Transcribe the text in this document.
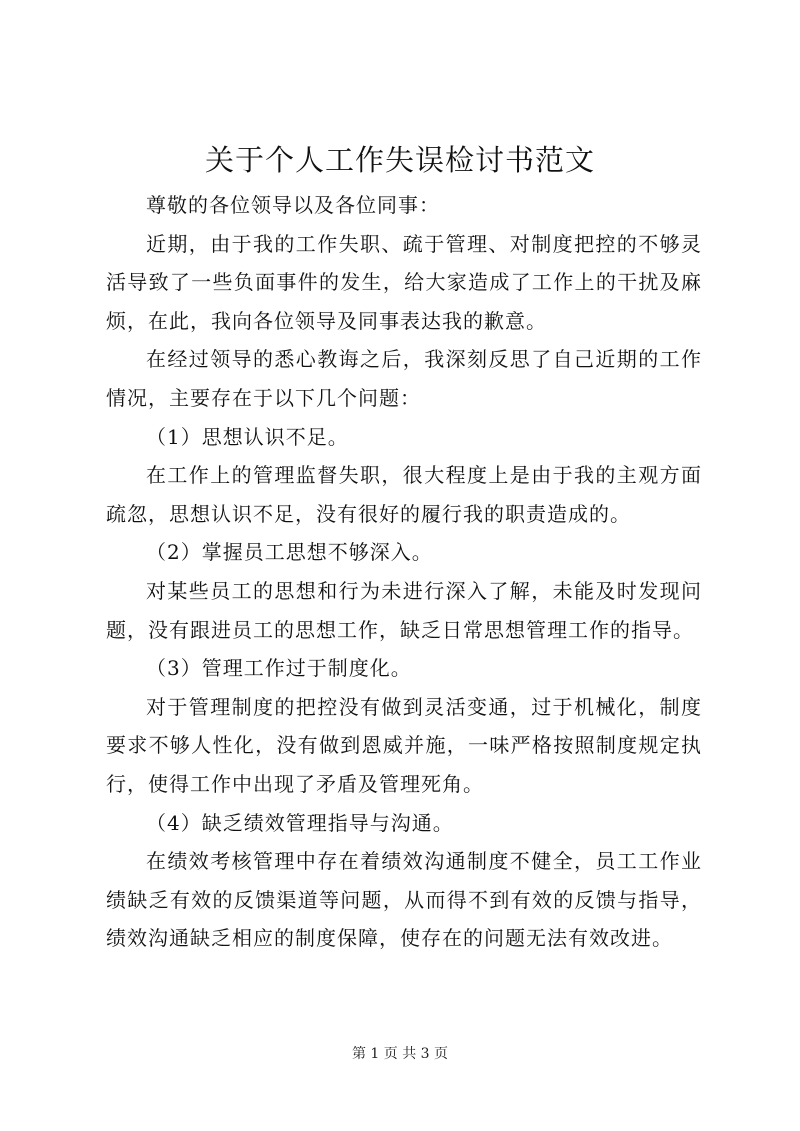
关于个人工作失误检讨书范文

尊敬的各位领导以及各位同事：

近期，由于我的工作失职、疏于管理、对制度把控的不够灵活导致了一些负面事件的发生，给大家造成了工作上的干扰及麻烦，在此，我向各位领导及同事表达我的歉意。

在经过领导的悉心教诲之后，我深刻反思了自己近期的工作情况，主要存在于以下几个问题：

（1）思想认识不足。

在工作上的管理监督失职，很大程度上是由于我的主观方面疏忽，思想认识不足，没有很好的履行我的职责造成的。

（2）掌握员工思想不够深入。

对某些员工的思想和行为未进行深入了解，未能及时发现问题，没有跟进员工的思想工作，缺乏日常思想管理工作的指导。

（3）管理工作过于制度化。

对于管理制度的把控没有做到灵活变通，过于机械化，制度要求不够人性化，没有做到恩威并施，一味严格按照制度规定执行，使得工作中出现了矛盾及管理死角。

（4）缺乏绩效管理指导与沟通。

在绩效考核管理中存在着绩效沟通制度不健全，员工工作业绩缺乏有效的反馈渠道等问题，从而得不到有效的反馈与指导，绩效沟通缺乏相应的制度保障，使存在的问题无法有效改进。

第 1 页 共 3 页
